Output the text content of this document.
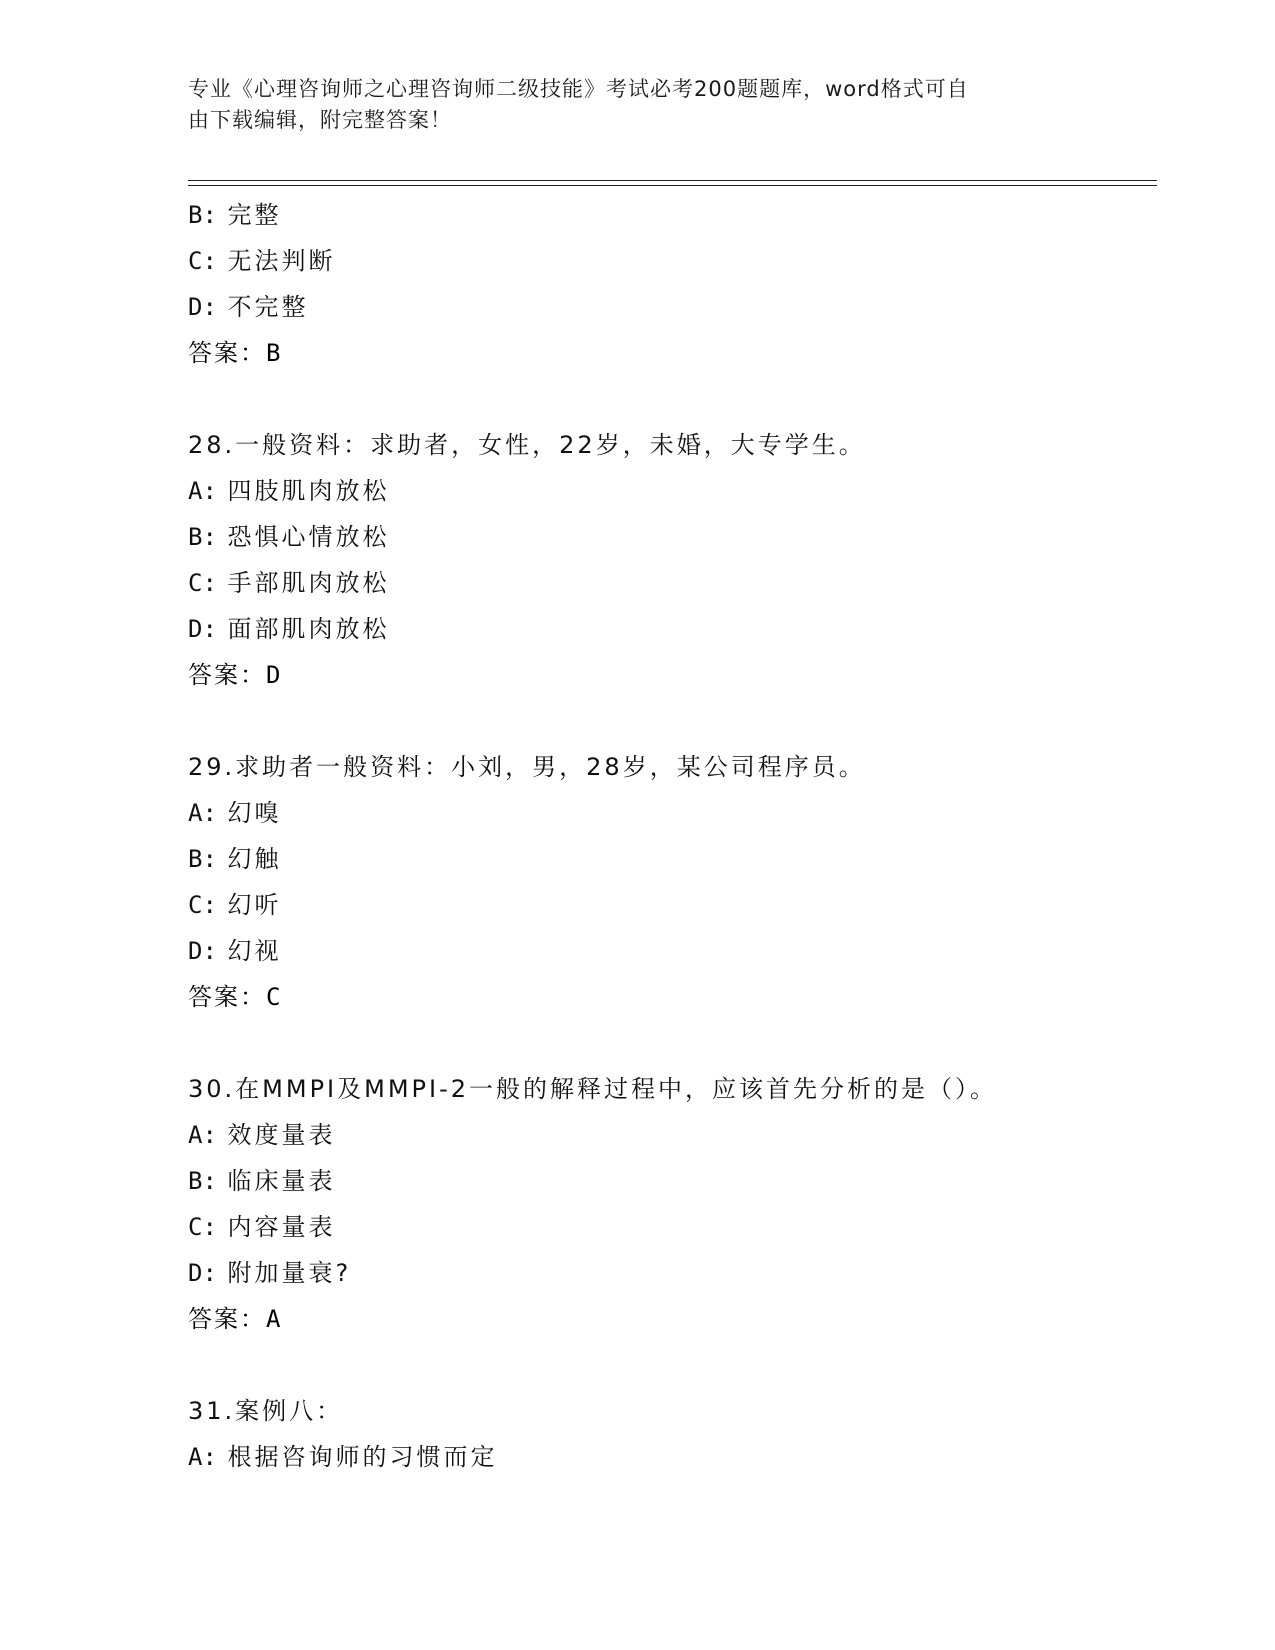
专业《心理咨询师之心理咨询师二级技能》考试必考200题题库，word格式可自
由下载编辑，附完整答案！
B: 完整
C: 无法判断
D: 不完整
答案：B
28.一般资料：求助者，女性，22岁，未婚，大专学生。
A: 四肢肌肉放松
B: 恐惧心情放松
C: 手部肌肉放松
D: 面部肌肉放松
答案：D
29.求助者一般资料：小刘，男，28岁，某公司程序员。
A: 幻嗅
B: 幻触
C: 幻听
D: 幻视
答案：C
30.在MMPI及MMPI-2一般的解释过程中，应该首先分析的是（）。
A: 效度量表
B: 临床量表
C: 内容量表
D: 附加量衰?
答案：A
31.案例八：
A: 根据咨询师的习惯而定
